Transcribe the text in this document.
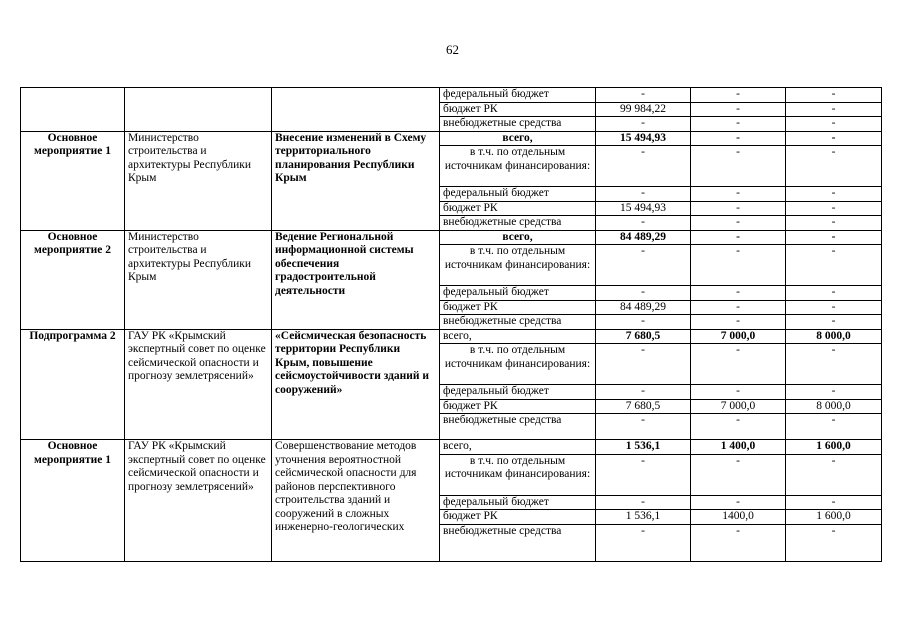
62
			федеральный бюджет	-	-	-
			бюджет РК	99 984,22	-	-
			внебюджетные средства	-	-	-
Основное мероприятие 1	Министерство строительства и архитектуры Республики Крым	Внесение изменений в Схему территориального планирования Республики Крым	всего,	15 494,93	-	-
			в т.ч. по отдельным источникам финансирования:	-	-	-
			федеральный бюджет	-	-	-
			бюджет РК	15 494,93	-	-
			внебюджетные средства	-	-	-
Основное мероприятие 2	Министерство строительства и архитектуры Республики Крым	Ведение Региональной информационной системы обеспечения градостроительной деятельности	всего,	84 489,29	-	-
			в т.ч. по отдельным источникам финансирования:	-	-	-
			федеральный бюджет	-	-	-
			бюджет РК	84 489,29	-	-
			внебюджетные средства	-	-	-
Подпрограмма 2	ГАУ РК «Крымский экспертный совет по оценке сейсмической опасности и прогнозу землетрясений»	«Сейсмическая безопасность территории Республики Крым, повышение сейсмоустойчивости зданий и сооружений»	всего,	7 680,5	7 000,0	8 000,0
			в т.ч. по отдельным источникам финансирования:	-	-	-
			федеральный бюджет	-	-	-
			бюджет РК	7 680,5	7 000,0	8 000,0
			внебюджетные средства	-	-	-
Основное мероприятие 1	ГАУ РК «Крымский экспертный совет по оценке сейсмической опасности и прогнозу землетрясений»	Совершенствование методов уточнения вероятностной сейсмической опасности для районов перспективного строительства зданий и сооружений в сложных инженерно-геологических	всего,	1 536,1	1 400,0	1 600,0
			в т.ч. по отдельным источникам финансирования:	-	-	-
			федеральный бюджет	-	-	-
			бюджет РК	1 536,1	1400,0	1 600,0
			внебюджетные средства	-	-	-
